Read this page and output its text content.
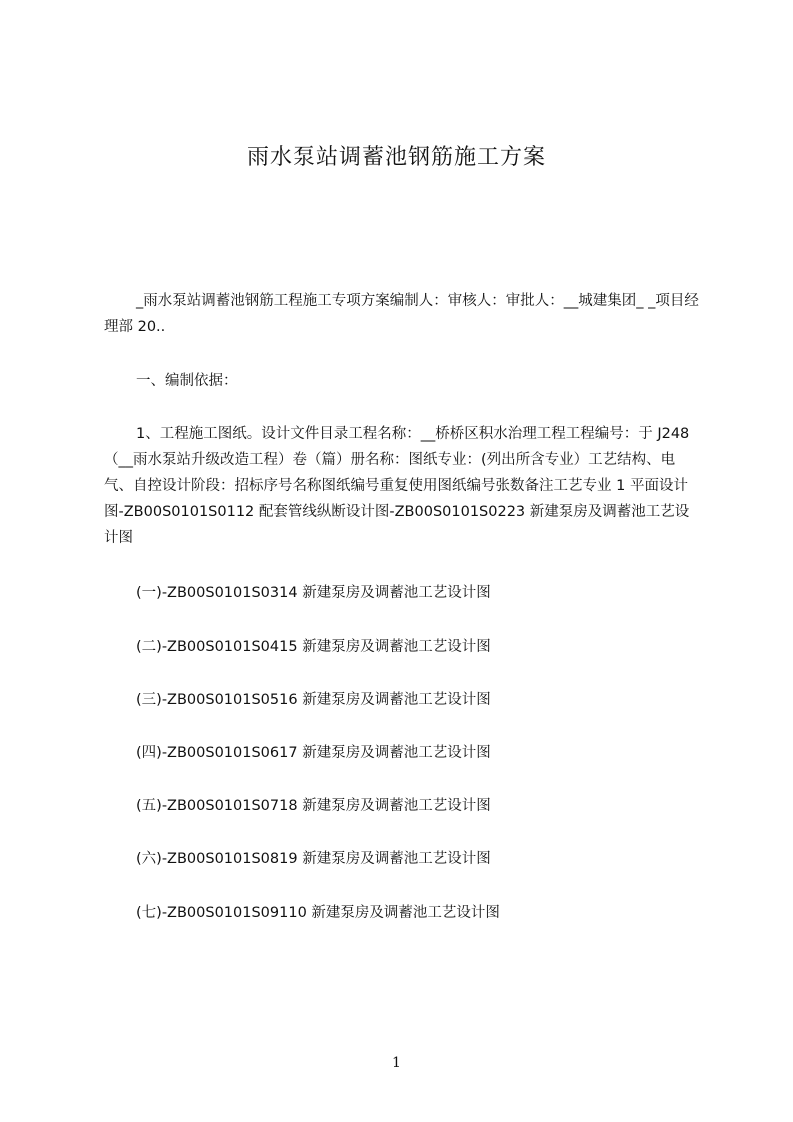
雨水泵站调蓄池钢筋施工方案
_雨水泵站调蓄池钢筋工程施工专项方案编制人：审核人：审批人：__城建集团_ _项目经理部 20..
一、编制依据：
1、工程施工图纸。设计文件目录工程名称：__桥桥区积水治理工程工程编号：于 J248（__雨水泵站升级改造工程）卷（篇）册名称：图纸专业：(列出所含专业）工艺结构、电气、自控设计阶段：招标序号名称图纸编号重复使用图纸编号张数备注工艺专业 1 平面设计图-ZB00S0101S0112 配套管线纵断设计图-ZB00S0101S0223 新建泵房及调蓄池工艺设计图
(一)-ZB00S0101S0314 新建泵房及调蓄池工艺设计图
(二)-ZB00S0101S0415 新建泵房及调蓄池工艺设计图
(三)-ZB00S0101S0516 新建泵房及调蓄池工艺设计图
(四)-ZB00S0101S0617 新建泵房及调蓄池工艺设计图
(五)-ZB00S0101S0718 新建泵房及调蓄池工艺设计图
(六)-ZB00S0101S0819 新建泵房及调蓄池工艺设计图
(七)-ZB00S0101S09110 新建泵房及调蓄池工艺设计图
1
